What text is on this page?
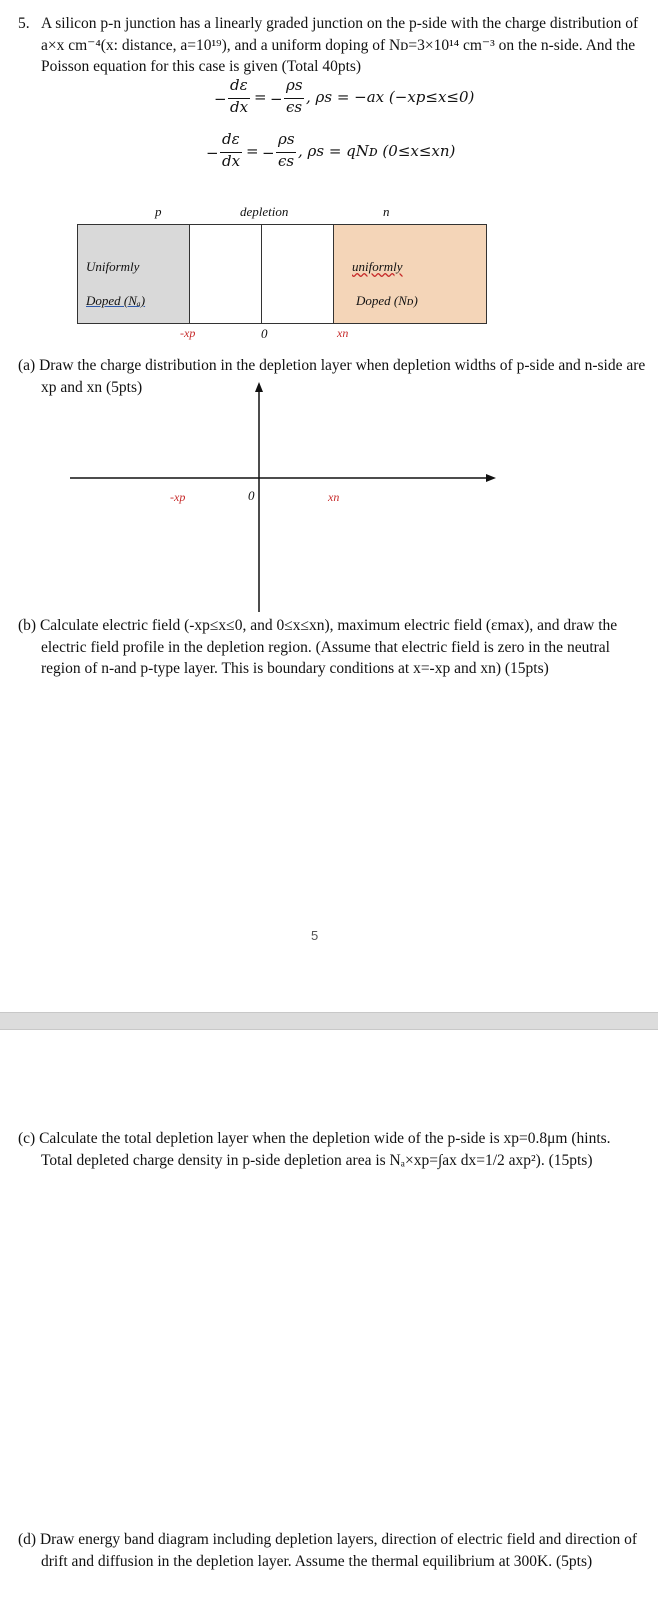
5. A silicon p-n junction has a linearly graded junction on the p-side with the charge distribution of
a×x cm⁻⁴(x: distance, a=10¹⁹), and a uniform doping of Nᴅ=3×10¹⁴ cm⁻³ on the n-side. And the
Poisson equation for this case is given (Total 40pts)
−
dε
dx
= −
ρs
ϵs
, ρs = −ax (−xp≤x≤0)
−
dε
dx
= −
ρs
ϵs
, ρs = qNᴅ (0≤x≤xn)
p	depletion	n
Uniformly
Doped (Nₐ)
uniformly
Doped (Nᴅ)
-xp	0	xn
(a) Draw the charge distribution in the depletion layer when depletion widths of p-side and n-side are
xp and xn (5pts)
-xp	0	xn
(b) Calculate electric field (-xp≤x≤0, and 0≤x≤xn), maximum electric field (εmax), and draw the
electric field profile in the depletion region. (Assume that electric field is zero in the neutral
region of n-and p-type layer. This is boundary conditions at x=-xp and xn) (15pts)
5
(c) Calculate the total depletion layer when the depletion wide of the p-side is xp=0.8μm (hints.
Total depleted charge density in p-side depletion area is Nₐ×xp=∫ax dx=1/2 axp²). (15pts)
(d) Draw energy band diagram including depletion layers, direction of electric field and direction of
drift and diffusion in the depletion layer. Assume the thermal equilibrium at 300K. (5pts)
